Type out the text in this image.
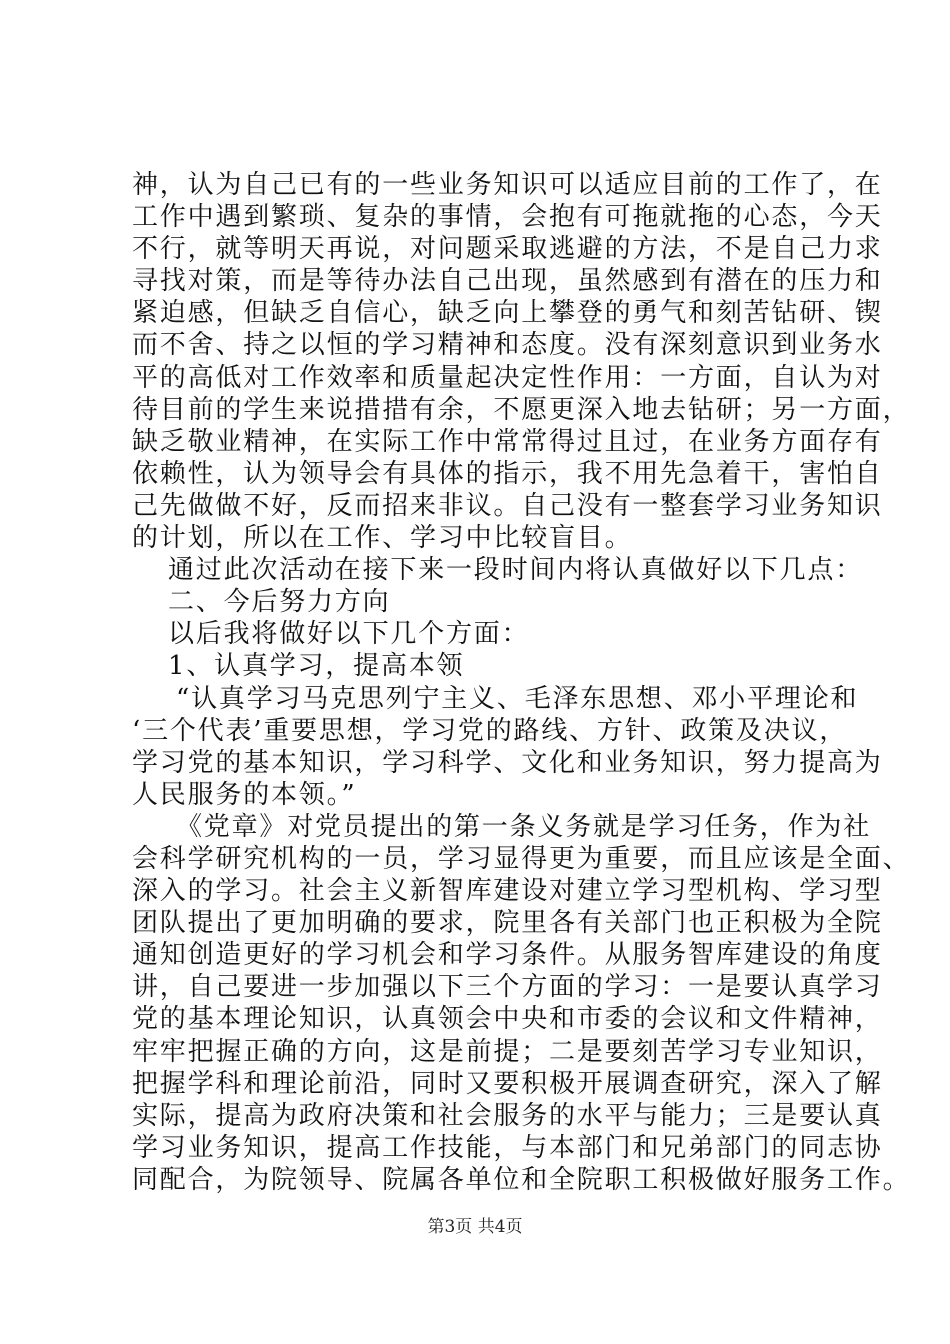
神，认为自己已有的一些业务知识可以适应目前的工作了，在
工作中遇到繁琐、复杂的事情，会抱有可拖就拖的心态，今天
不行，就等明天再说，对问题采取逃避的方法，不是自己力求
寻找对策，而是等待办法自己出现，虽然感到有潜在的压力和
紧迫感，但缺乏自信心，缺乏向上攀登的勇气和刻苦钻研、锲
而不舍、持之以恒的学习精神和态度。没有深刻意识到业务水
平的高低对工作效率和质量起决定性作用：一方面，自认为对
待目前的学生来说措措有余，不愿更深入地去钻研；另一方面，
缺乏敬业精神，在实际工作中常常得过且过，在业务方面存有
依赖性，认为领导会有具体的指示，我不用先急着干，害怕自
己先做做不好，反而招来非议。自己没有一整套学习业务知识
的计划，所以在工作、学习中比较盲目。
通过此次活动在接下来一段时间内将认真做好以下几点：
二、今后努力方向
以后我将做好以下几个方面：
1、认真学习，提高本领
“认真学习马克思列宁主义、毛泽东思想、邓小平理论和
‘三个代表’重要思想，学习党的路线、方针、政策及决议，
学习党的基本知识，学习科学、文化和业务知识，努力提高为
人民服务的本领。”
《党章》对党员提出的第一条义务就是学习任务，作为社
会科学研究机构的一员，学习显得更为重要，而且应该是全面、
深入的学习。社会主义新智库建设对建立学习型机构、学习型
团队提出了更加明确的要求，院里各有关部门也正积极为全院
通知创造更好的学习机会和学习条件。从服务智库建设的角度
讲，自己要进一步加强以下三个方面的学习：一是要认真学习
党的基本理论知识，认真领会中央和市委的会议和文件精神，
牢牢把握正确的方向，这是前提；二是要刻苦学习专业知识，
把握学科和理论前沿，同时又要积极开展调查研究，深入了解
实际，提高为政府决策和社会服务的水平与能力；三是要认真
学习业务知识，提高工作技能，与本部门和兄弟部门的同志协
同配合，为院领导、院属各单位和全院职工积极做好服务工作。
第3页 共4页
